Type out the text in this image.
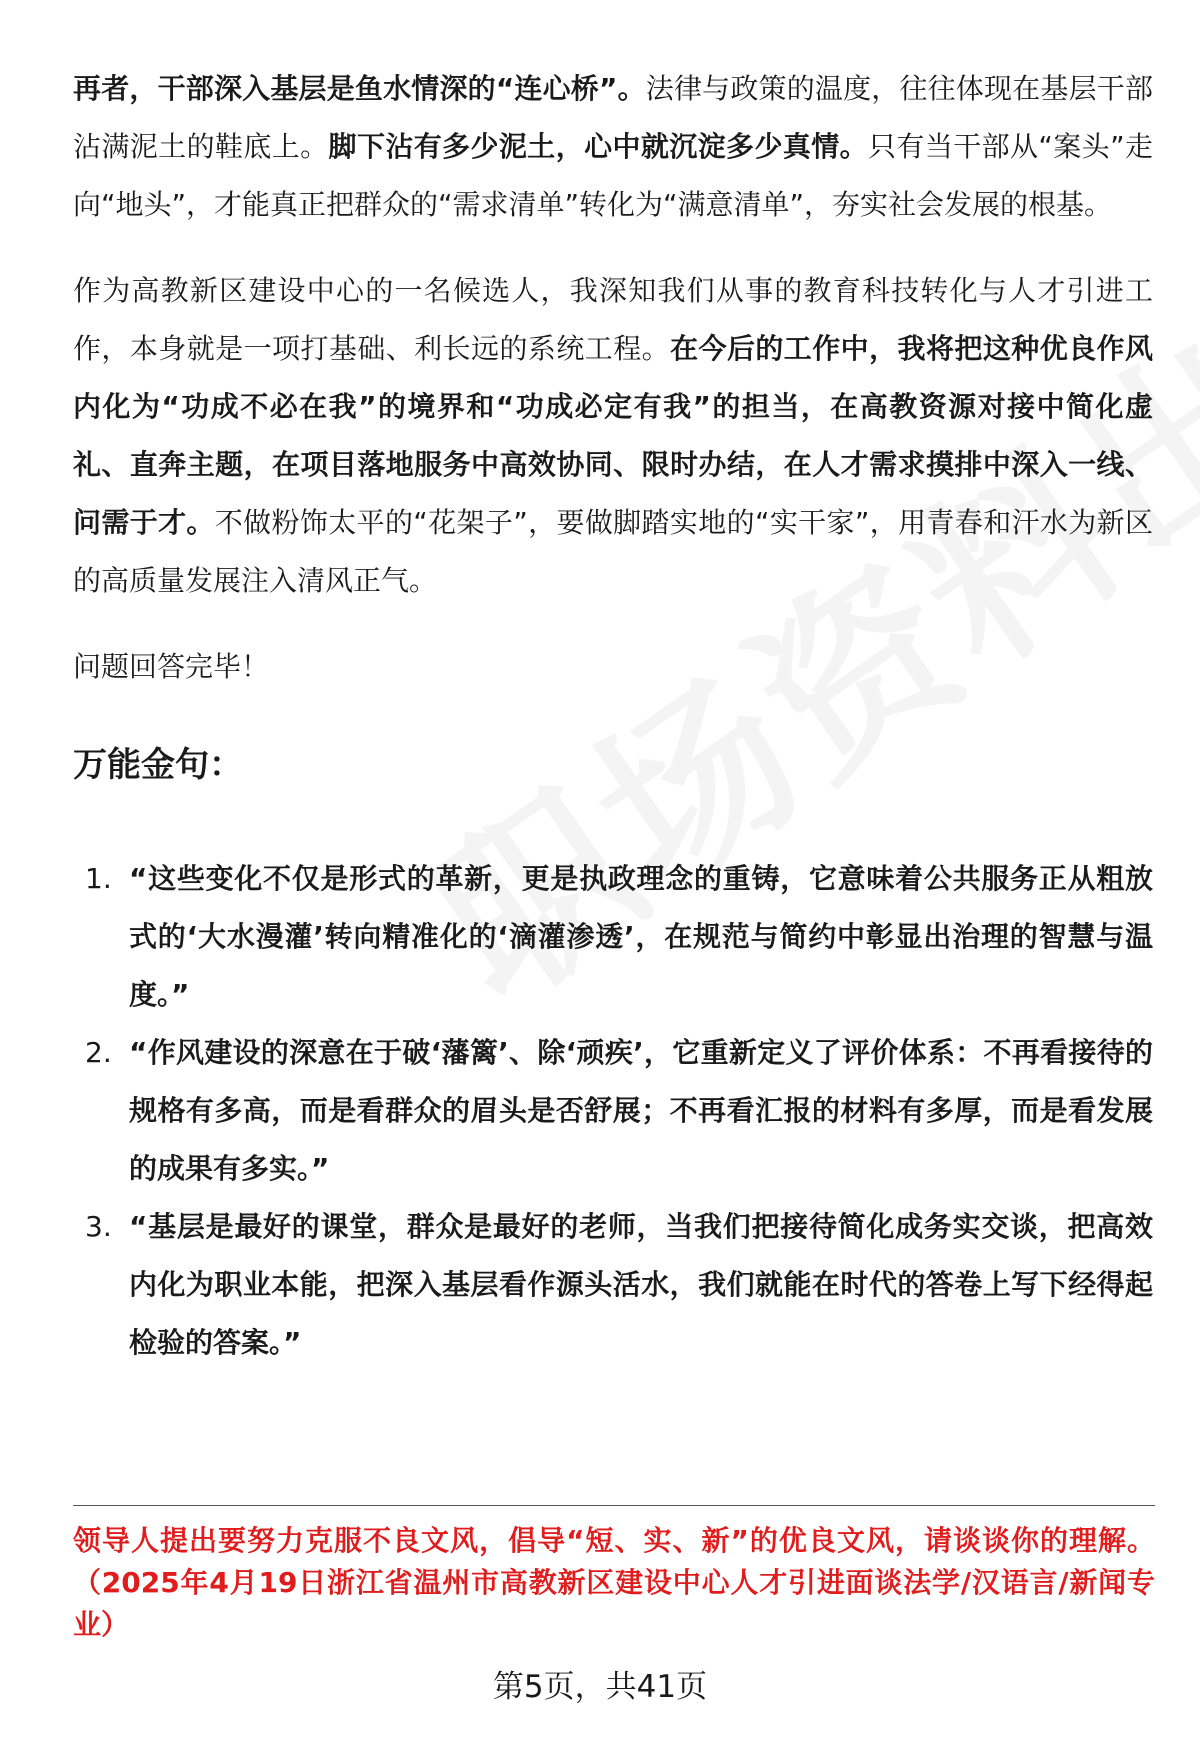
再者，干部深入基层是鱼水情深的“连心桥”。法律与政策的温度，往往体现在基层干部沾满泥土的鞋底上。脚下沾有多少泥土，心中就沉淀多少真情。只有当干部从“案头”走向“地头”，才能真正把群众的“需求清单”转化为“满意清单”，夯实社会发展的根基。

作为高教新区建设中心的一名候选人，我深知我们从事的教育科技转化与人才引进工作，本身就是一项打基础、利长远的系统工程。在今后的工作中，我将把这种优良作风内化为“功成不必在我”的境界和“功成必定有我”的担当，在高教资源对接中简化虚礼、直奔主题，在项目落地服务中高效协同、限时办结，在人才需求摸排中深入一线、问需于才。不做粉饰太平的“花架子”，要做脚踏实地的“实干家”，用青春和汗水为新区的高质量发展注入清风正气。

问题回答完毕！

万能金句：
1. “这些变化不仅是形式的革新，更是执政理念的重铸，它意味着公共服务正从粗放式的‘大水漫灌’转向精准化的‘滴灌渗透’，在规范与简约中彰显出治理的智慧与温度。”
2. “作风建设的深意在于破‘藩篱’、除‘顽疾’，它重新定义了评价体系：不再看接待的规格有多高，而是看群众的眉头是否舒展；不再看汇报的材料有多厚，而是看发展的成果有多实。”
3. “基层是最好的课堂，群众是最好的老师，当我们把接待简化成务实交谈，把高效内化为职业本能，把深入基层看作源头活水，我们就能在时代的答卷上写下经得起检验的答案。”

领导人提出要努力克服不良文风，倡导“短、实、新”的优良文风，请谈谈你的理解。（2025年4月19日浙江省温州市高教新区建设中心人才引进面谈法学/汉语言/新闻专业）

第5页，共41页
